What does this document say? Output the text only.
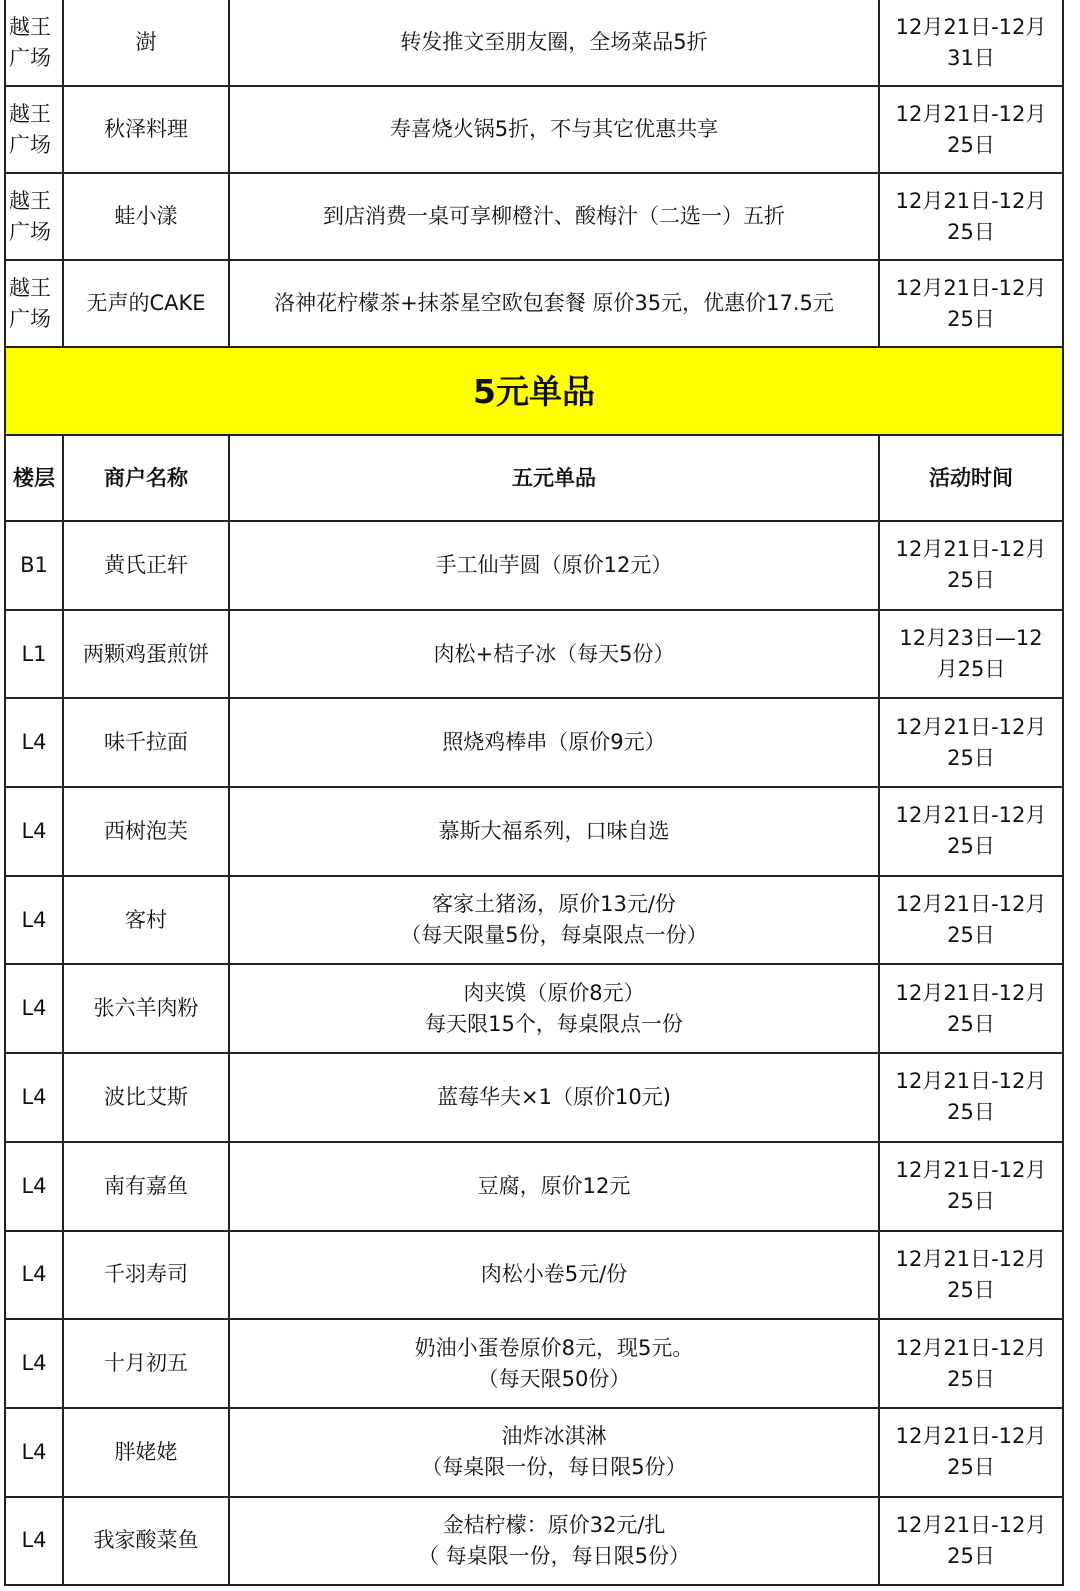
越王
广场	澍	转发推文至朋友圈，全场菜品5折	12月21日-12月
31日
越王
广场	秋泽料理	寿喜烧火锅5折，不与其它优惠共享	12月21日-12月
25日
越王
广场	蛙小漾	到店消费一桌可享柳橙汁、酸梅汁（二选一）五折	12月21日-12月
25日
越王
广场	无声的CAKE	洛神花柠檬茶+抹茶星空欧包套餐 原价35元，优惠价17.5元	12月21日-12月
25日
5元单品			
楼层	商户名称	五元单品	活动时间
B1	黄氏正轩	手工仙芋圆（原价12元）	12月21日-12月
25日
L1	两颗鸡蛋煎饼	肉松+桔子冰（每天5份）	12月23日—12
月25日
L4	味千拉面	照烧鸡棒串（原价9元）	12月21日-12月
25日
L4	西树泡芙	慕斯大福系列，口味自选	12月21日-12月
25日
L4	客村	客家土猪汤，原价13元/份
（每天限量5份，每桌限点一份）	12月21日-12月
25日
L4	张六羊肉粉	肉夹馍（原价8元）
每天限15个，每桌限点一份	12月21日-12月
25日
L4	波比艾斯	蓝莓华夫×1（原价10元)	12月21日-12月
25日
L4	南有嘉鱼	豆腐，原价12元	12月21日-12月
25日
L4	千羽寿司	肉松小卷5元/份	12月21日-12月
25日
L4	十月初五	奶油小蛋卷原价8元，现5元。
（每天限50份）	12月21日-12月
25日
L4	胖姥姥	油炸冰淇淋
（每桌限一份，每日限5份）	12月21日-12月
25日
L4	我家酸菜鱼	金桔柠檬：原价32元/扎
（ 每桌限一份，每日限5份）	12月21日-12月
25日
